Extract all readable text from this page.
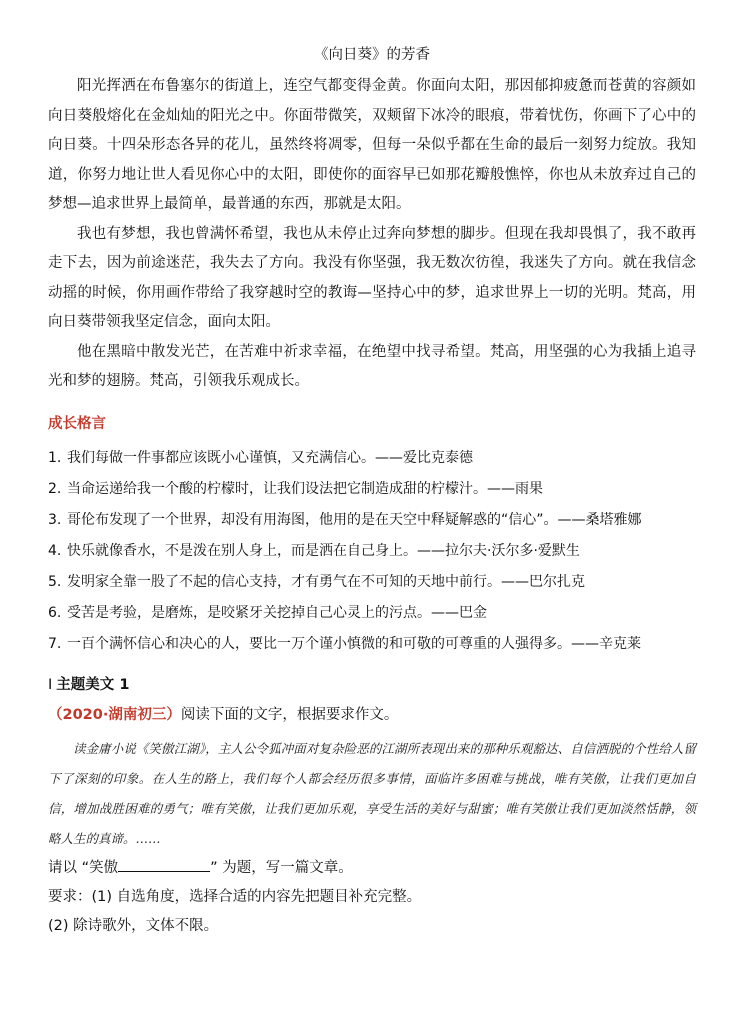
《向日葵》的芳香

阳光挥洒在布鲁塞尔的街道上，连空气都变得金黄。你面向太阳，那因郁抑疲惫而苍黄的容颜如向日葵般熔化在金灿灿的阳光之中。你面带微笑，双颊留下冰冷的眼痕，带着忧伤，你画下了心中的向日葵。十四朵形态各异的花儿，虽然终将凋零，但每一朵似乎都在生命的最后一刻努力绽放。我知道，你努力地让世人看见你心中的太阳，即使你的面容早已如那花瓣般憔悴，你也从未放弃过自己的梦想—追求世界上最简单，最普通的东西，那就是太阳。

我也有梦想，我也曾满怀希望，我也从未停止过奔向梦想的脚步。但现在我却畏惧了，我不敢再走下去，因为前途迷茫，我失去了方向。我没有你坚强，我无数次彷徨，我迷失了方向。就在我信念动摇的时候，你用画作带给了我穿越时空的教诲—坚持心中的梦，追求世界上一切的光明。梵高，用向日葵带领我坚定信念，面向太阳。

他在黑暗中散发光芒，在苦难中祈求幸福，在绝望中找寻希望。梵高，用坚强的心为我插上追寻光和梦的翅膀。梵高，引领我乐观成长。

成长格言
1. 我们每做一件事都应该既小心谨慎，又充满信心。——爱比克泰德
2. 当命运递给我一个酸的柠檬时，让我们设法把它制造成甜的柠檬汁。——雨果
3. 哥伦布发现了一个世界，却没有用海图，他用的是在天空中释疑解惑的“信心”。——桑塔雅娜
4. 快乐就像香水，不是泼在别人身上，而是洒在自己身上。——拉尔夫·沃尔多·爱默生
5. 发明家全靠一股了不起的信心支持，才有勇气在不可知的天地中前行。——巴尔扎克
6. 受苦是考验，是磨炼，是咬紧牙关挖掉自己心灵上的污点。——巴金
7. 一百个满怀信心和决心的人，要比一万个谨小慎微的和可敬的可尊重的人强得多。——辛克莱
I 主题美文 1
（2020·湖南初三）阅读下面的文字，根据要求作文。

读金庸小说《笑傲江湖》，主人公令狐冲面对复杂险恶的江湖所表现出来的那种乐观豁达、自信洒脱的个性给人留下了深刻的印象。在人生的路上，我们每个人都会经历很多事情，面临许多困难与挑战，唯有笑傲，让我们更加自信，增加战胜困难的勇气；唯有笑傲，让我们更加乐观，享受生活的美好与甜蜜；唯有笑傲让我们更加淡然恬静，领略人生的真谛。……

请以 “笑傲	” 为题，写一篇文章。

要求：(1) 自选角度，选择合适的内容先把题目补充完整。

(2) 除诗歌外，文体不限。
